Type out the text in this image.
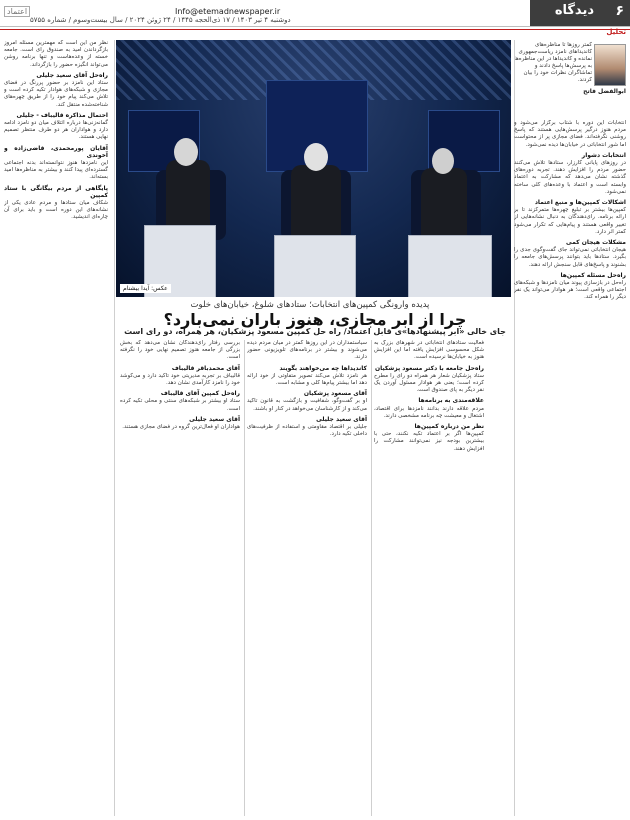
۶
دیدگاه
Info@etemadnewspaper.ir
دوشنبه ۴ تیر ۱۴۰۳ / ۱۷ ذی‌الحجه ۱۴۴۵ / ۲۴ ژوئن ۲۰۲۴ / سال بیست‌وسوم / شماره ۵۷۵۵
اعتماد
تحلیل
ابوالفضل فاتح
کمتر روزها تا مناظره‌های کاندیداهای نامزد ریاست‌جمهوری نمانده و کاندیداها در این مناظره‌ها به پرسش‌ها پاسخ دادند و تماشاگران نظرات خود را بیان کردند.
عکس: آیدا بیشنام
پدیده وارونگی کمپین‌های انتخابات؛ ستادهای شلوغ، خیابان‌های خلوت
چرا از ابر مجازی، هنوز باران نمی‌بارد؟
جای خالی «ابر پیشنهادها»ی قابل اعتماد/ راه حل کمپین مسعود پزشکیان، هر همراه، دو رای است
انتخابات این دوره با شتاب برگزار می‌شود و مردم هنوز درگیر پرسش‌هایی هستند که پاسخ روشنی نگرفته‌اند. فضای مجازی پر از محتواست اما شور انتخاباتی در خیابان‌ها دیده نمی‌شود.
انتخابات دشوار
در روزهای پایانی کارزار، ستادها تلاش می‌کنند حضور مردم را افزایش دهند. تجربه دوره‌های گذشته نشان می‌دهد که مشارکت به اعتماد وابسته است و اعتماد با وعده‌های کلی ساخته نمی‌شود.
اشکالات کمپین‌ها و منبع اعتماد
کمپین‌ها بیشتر بر تبلیغ چهره‌ها متمرکزند تا بر ارائه برنامه. رای‌دهندگان به دنبال نشانه‌هایی از تغییر واقعی هستند و پیام‌هایی که تکرار می‌شود کمتر اثر دارد.
مشکلات هیجان کمی
هیجان انتخاباتی نمی‌تواند جای گفت‌وگوی جدی را بگیرد. ستادها باید بتوانند پرسش‌های جامعه را بشنوند و پاسخ‌های قابل سنجش ارائه دهند.
راه‌حل مسئله کمپین‌ها
راه‌حل در بازسازی پیوند میان نامزدها و شبکه‌های اجتماعی واقعی است؛ هر هوادار می‌تواند یک نفر دیگر را همراه کند.
نظر من این است که مهمترین مسئله امروز بازگرداندن امید به صندوق رای است. جامعه خسته از وعده‌هاست و تنها برنامه روشن می‌تواند انگیزه حضور را بازگرداند.
راه‌حل آقای سعید جلیلی
ستاد این نامزد بر حضور پررنگ در فضای مجازی و شبکه‌های هوادار تکیه کرده است و تلاش می‌کند پیام خود را از طریق چهره‌های شناخته‌شده منتقل کند.
احتمال مذاکره قالیباف - جلیلی
گمانه‌زنی‌ها درباره ائتلاف میان دو نامزد ادامه دارد و هواداران هر دو طرف منتظر تصمیم نهایی هستند.
آقایان پورمحمدی، قاضی‌زاده و آخوندی
این نامزدها هنوز نتوانسته‌اند بدنه اجتماعی گسترده‌ای پیدا کنند و بیشتر به مناظره‌ها امید بسته‌اند.
پایگاهی از مردم بیگانگی با ستاد کمپین
شکاف میان ستادها و مردم عادی یکی از نشانه‌های این دوره است و باید برای آن چاره‌ای اندیشید.
فعالیت ستادهای انتخاباتی در شهرهای بزرگ به شکل محسوسی افزایش یافته اما این افزایش هنوز به خیابان‌ها نرسیده است.
راه‌حل جامعه با دکتر مسعود پزشکیان
ستاد پزشکیان شعار هر همراه دو رای را مطرح کرده است؛ یعنی هر هوادار مسئول آوردن یک نفر دیگر به پای صندوق است.
علاقه‌مندی به برنامه‌ها
مردم علاقه دارند بدانند نامزدها برای اقتصاد، اشتغال و معیشت چه برنامه مشخصی دارند.
نظر من درباره کمپین‌ها
کمپین‌ها اگر بر اعتماد تکیه نکنند، حتی با بیشترین بودجه نیز نمی‌توانند مشارکت را افزایش دهند.
سیاستمداران در این روزها کمتر در میان مردم دیده می‌شوند و بیشتر در برنامه‌های تلویزیونی حضور دارند.
کاندیدا‌ها چه می‌خواهند بگویند
هر نامزد تلاش می‌کند تصویر متفاوتی از خود ارائه دهد اما بیشتر پیام‌ها کلی و مشابه است.
آقای مسعود پزشکیان
او بر گفت‌وگو، شفافیت و بازگشت به قانون تاکید می‌کند و از کارشناسان می‌خواهد در کنار او باشند.
آقای سعید جلیلی
جلیلی بر اقتصاد مقاومتی و استفاده از ظرفیت‌های داخلی تکیه دارد.
بررسی رفتار رای‌دهندگان نشان می‌دهد که بخش بزرگی از جامعه هنوز تصمیم نهایی خود را نگرفته است.
آقای محمدباقر قالیباف
قالیباف بر تجربه مدیریتی خود تاکید دارد و می‌کوشد خود را نامزد کارآمدی نشان دهد.
راه‌حل کمپین آقای قالیباف
ستاد او بیشتر بر شبکه‌های سنتی و محلی تکیه کرده است.
آقای سعید جلیلی
هواداران او فعال‌ترین گروه در فضای مجازی هستند.
